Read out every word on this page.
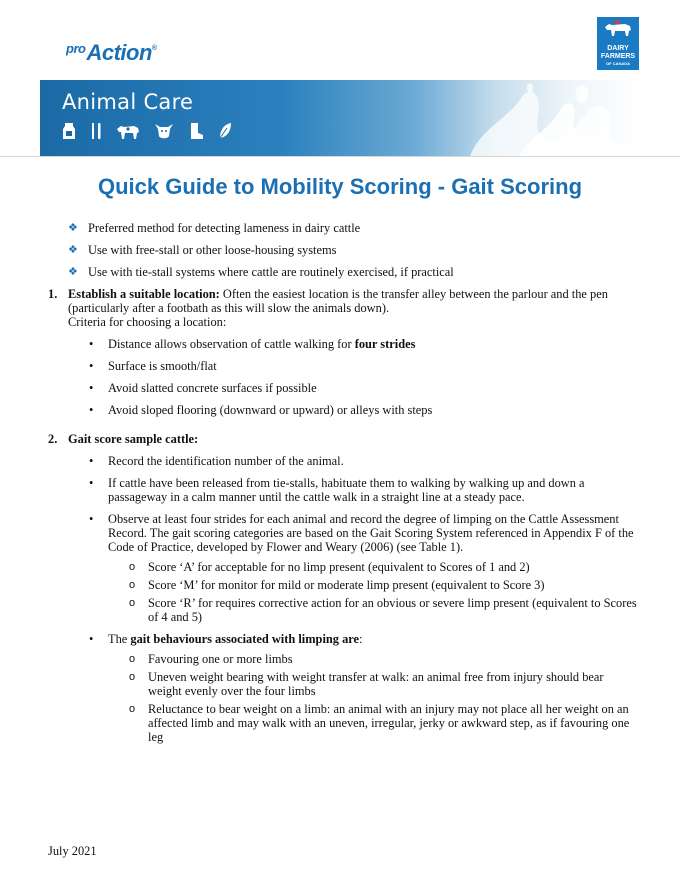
$^{pro}$Action®	DAIRY
FARMERS
OF CANADA
Animal Care
Quick Guide to Mobility Scoring - Gait Scoring
❖ Preferred method for detecting lameness in dairy cattle
❖ Use with free-stall or other loose-housing systems
❖ Use with tie-stall systems where cattle are routinely exercised, if practical
1. Establish a suitable location: Often the easiest location is the transfer alley between the parlour and the pen (particularly after a footbath as this will slow the animals down).

Criteria for choosing a location:

• Distance allows observation of cattle walking for four strides
• Surface is smooth/flat
• Avoid slatted concrete surfaces if possible
• Avoid sloped flooring (downward or upward) or alleys with steps
2. Gait score sample cattle:

• Record the identification number of the animal.
• If cattle have been released from tie-stalls, habituate them to walking by walking up and down a passageway in a calm manner until the cattle walk in a straight line at a steady pace.
• Observe at least four strides for each animal and record the degree of limping on the Cattle Assessment Record. The gait scoring categories are based on the Gait Scoring System referenced in Appendix F of the Code of Practice, developed by Flower and Weary (2006) (see Table 1).
o Score ‘A’ for acceptable for no limp present (equivalent to Scores of 1 and 2)
o Score ‘M’ for monitor for mild or moderate limp present (equivalent to Score 3)
o Score ‘R’ for requires corrective action for an obvious or severe limp present (equivalent to Scores of 4 and 5)
• The gait behaviours associated with limping are:
o Favouring one or more limbs
o Uneven weight bearing with weight transfer at walk: an animal free from injury should bear weight evenly over the four limbs
o Reluctance to bear weight on a limb: an animal with an injury may not place all her weight on an affected limb and may walk with an uneven, irregular, jerky or awkward step, as if favouring one leg
July 2021
